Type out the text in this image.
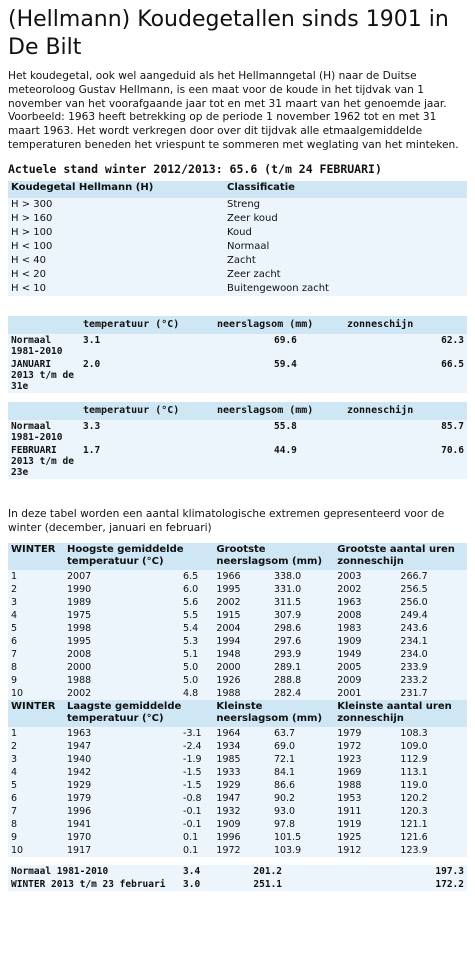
(Hellmann) Koudegetallen sinds 1901 in De Bilt

Het koudegetal, ook wel aangeduid als het Hellmanngetal (H) naar de Duitse meteoroloog Gustav Hellmann, is een maat voor de koude in het tijdvak van 1 november van het voorafgaande jaar tot en met 31 maart van het genoemde jaar. Voorbeeld: 1963 heeft betrekking op de periode 1 november 1962 tot en met 31 maart 1963. Het wordt verkregen door over dit tijdvak alle etmaalgemiddelde temperaturen beneden het vriespunt te sommeren met weglating van het minteken.

Actuele stand winter 2012/2013: 65.6 (t/m 24 FEBRUARI)
Koudegetal Hellmann (H)	Classificatie
H > 300	Streng
H > 160	Zeer koud
H > 100	Koud
H < 100	Normaal
H < 40	Zacht
H < 20	Zeer zacht
H < 10	Buitengewoon zacht
	temperatuur (°C)	neerslagsom (mm)	zonneschijn
Normaal 1981-2010	3.1	69.6	62.3
JANUARI 2013 t/m de 31e	2.0	59.4	66.5
	temperatuur (°C)	neerslagsom (mm)	zonneschijn
Normaal 1981-2010	3.3	55.8	85.7
FEBRUARI 2013 t/m de 23e	1.7	44.9	70.6

In deze tabel worden een aantal klimatologische extremen gepresenteerd voor de winter (december, januari en februari)

WINTER	Hoogste gemiddelde temperatuur (°C)		Grootste neerslagsom (mm)		Grootste aantal uren zonneschijn	
1	2007	6.5	1966	338.0	2003	266.7
2	1990	6.0	1995	331.0	2002	256.5
3	1989	5.6	2002	311.5	1963	256.0
4	1975	5.5	1915	307.9	2008	249.4
5	1998	5.4	2004	298.6	1983	243.6
6	1995	5.3	1994	297.6	1909	234.1
7	2008	5.1	1948	293.9	1949	234.0
8	2000	5.0	2000	289.1	2005	233.9
9	1988	5.0	1926	288.8	2009	233.2
10	2002	4.8	1988	282.4	2001	231.7
WINTER	Laagste gemiddelde temperatuur (°C)		Kleinste neerslagsom (mm)		Kleinste aantal uren zonneschijn	
1	1963	-3.1	1964	63.7	1979	108.3
2	1947	-2.4	1934	69.0	1972	109.0
3	1940	-1.9	1985	72.1	1923	112.9
4	1942	-1.5	1933	84.1	1969	113.1
5	1929	-1.5	1929	86.6	1988	119.0
6	1979	-0.8	1947	90.2	1953	120.2
7	1996	-0.1	1932	93.0	1911	120.3
8	1941	-0.1	1909	97.8	1919	121.1
9	1970	0.1	1996	101.5	1925	121.6
10	1917	0.1	1972	103.9	1912	123.9

Normaal 1981-2010		3.4	201.2		197.3	
WINTER 2013 t/m 23 februari		3.0	251.1		172.2	
